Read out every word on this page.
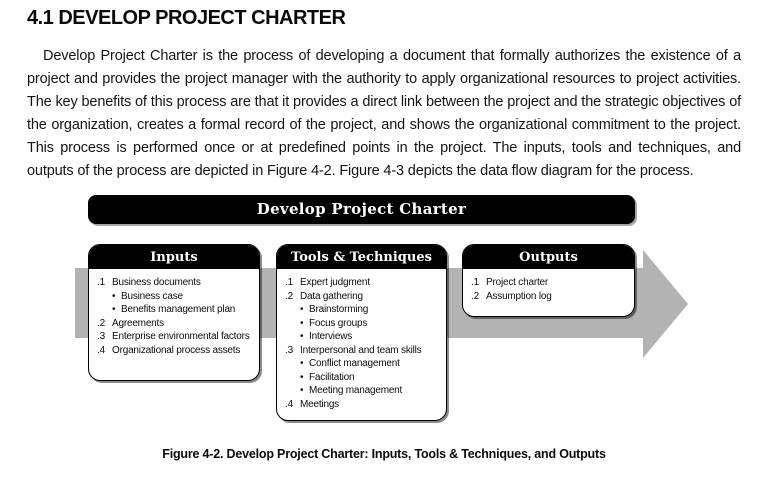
4.1 DEVELOP PROJECT CHARTER

Develop Project Charter is the process of developing a document that formally authorizes the existence of a project and provides the project manager with the authority to apply organizational resources to project activities. The key benefits of this process are that it provides a direct link between the project and the strategic objectives of the organization, creates a formal record of the project, and shows the organizational commitment to the project. This process is performed once or at predefined points in the project. The inputs, tools and techniques, and outputs of the process are depicted in Figure 4-2. Figure 4-3 depicts the data flow diagram for the process.

Develop Project Charter
Inputs
.1 Business documents
• Business case
• Benefits management plan
.2 Agreements
.3 Enterprise environmental factors
.4 Organizational process assets
Tools & Techniques
.1 Expert judgment
.2 Data gathering
• Brainstorming
• Focus groups
• Interviews
.3 Interpersonal and team skills
• Conflict management
• Facilitation
• Meeting management
.4 Meetings
Outputs
.1 Project charter
.2 Assumption log
Figure 4-2. Develop Project Charter: Inputs, Tools & Techniques, and Outputs
